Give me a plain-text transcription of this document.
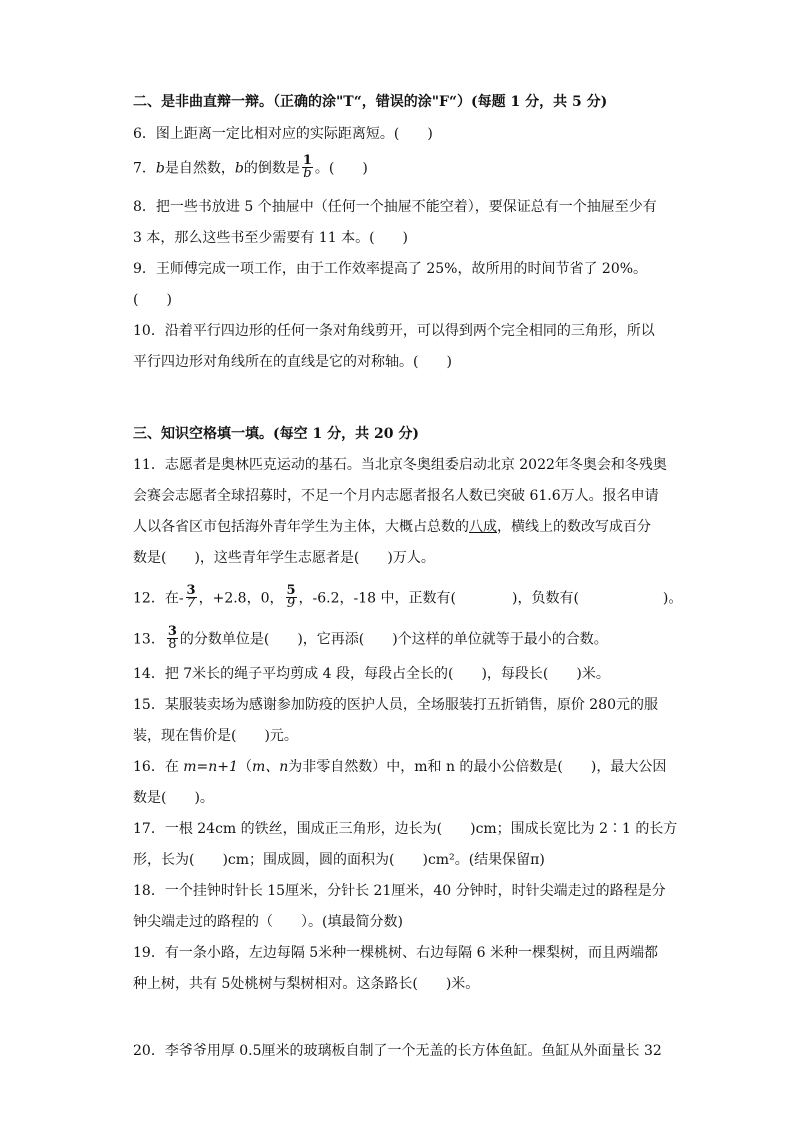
二、是非曲直辩一辩。（正确的涂"T“，错误的涂"F“）(每题 1 分，共 5 分)
6．图上距离一定比相对应的实际距离短。(　　)
7．b是自然数，b的倒数是 $\frac{1}{b}$ 。(　　)
8．把一些书放进 5 个抽屉中（任何一个抽屉不能空着），要保证总有一个抽屉至少有
3 本，那么这些书至少需要有 11 本。(　　)
9．王师傅完成一项工作，由于工作效率提高了 25%，故所用的时间节省了 20%。
(　　)
10．沿着平行四边形的任何一条对角线剪开，可以得到两个完全相同的三角形，所以
平行四边形对角线所在的直线是它的对称轴。(　　)
三、知识空格填一填。(每空 1 分，共 20 分)
11．志愿者是奥林匹克运动的基石。当北京冬奥组委启动北京 2022年冬奥会和冬残奥
会赛会志愿者全球招募时，不足一个月内志愿者报名人数已突破 61.6万人。报名申请
人以各省区市包括海外青年学生为主体，大概占总数的八成，横线上的数改写成百分
数是(　　)，这些青年学生志愿者是(　　)万人。
12．在- $\frac{3}{7}$ ，+2.8，0， $\frac{5}{9}$ ，-6.2，-18 中，正数有(　　　　)，负数有(　　　　　　)。
13． $\frac{3}{8}$ 的分数单位是(　　)，它再添(　　)个这样的单位就等于最小的合数。
14．把 7米长的绳子平均剪成 4 段，每段占全长的(　　)，每段长(　　)米。
15．某服装卖场为感谢参加防疫的医护人员，全场服装打五折销售，原价 280元的服
装，现在售价是(　　)元。
16．在 m=n+1（m、n为非零自然数）中，m和 n 的最小公倍数是(　　)，最大公因
数是(　　)。
17．一根 24cm 的铁丝，围成正三角形，边长为(　　)cm；围成长宽比为 2∶1 的长方
形，长为(　　)cm；围成圆，圆的面积为(　　)cm²。(结果保留π)
18．一个挂钟时针长 15厘米，分针长 21厘米，40 分钟时，时针尖端走过的路程是分
钟尖端走过的路程的（　　）。(填最简分数)
19．有一条小路，左边每隔 5米种一棵桃树、右边每隔 6 米种一棵梨树，而且两端都
种上树，共有 5处桃树与梨树相对。这条路长(　　)米。
20．李爷爷用厚 0.5厘米的玻璃板自制了一个无盖的长方体鱼缸。鱼缸从外面量长 32
